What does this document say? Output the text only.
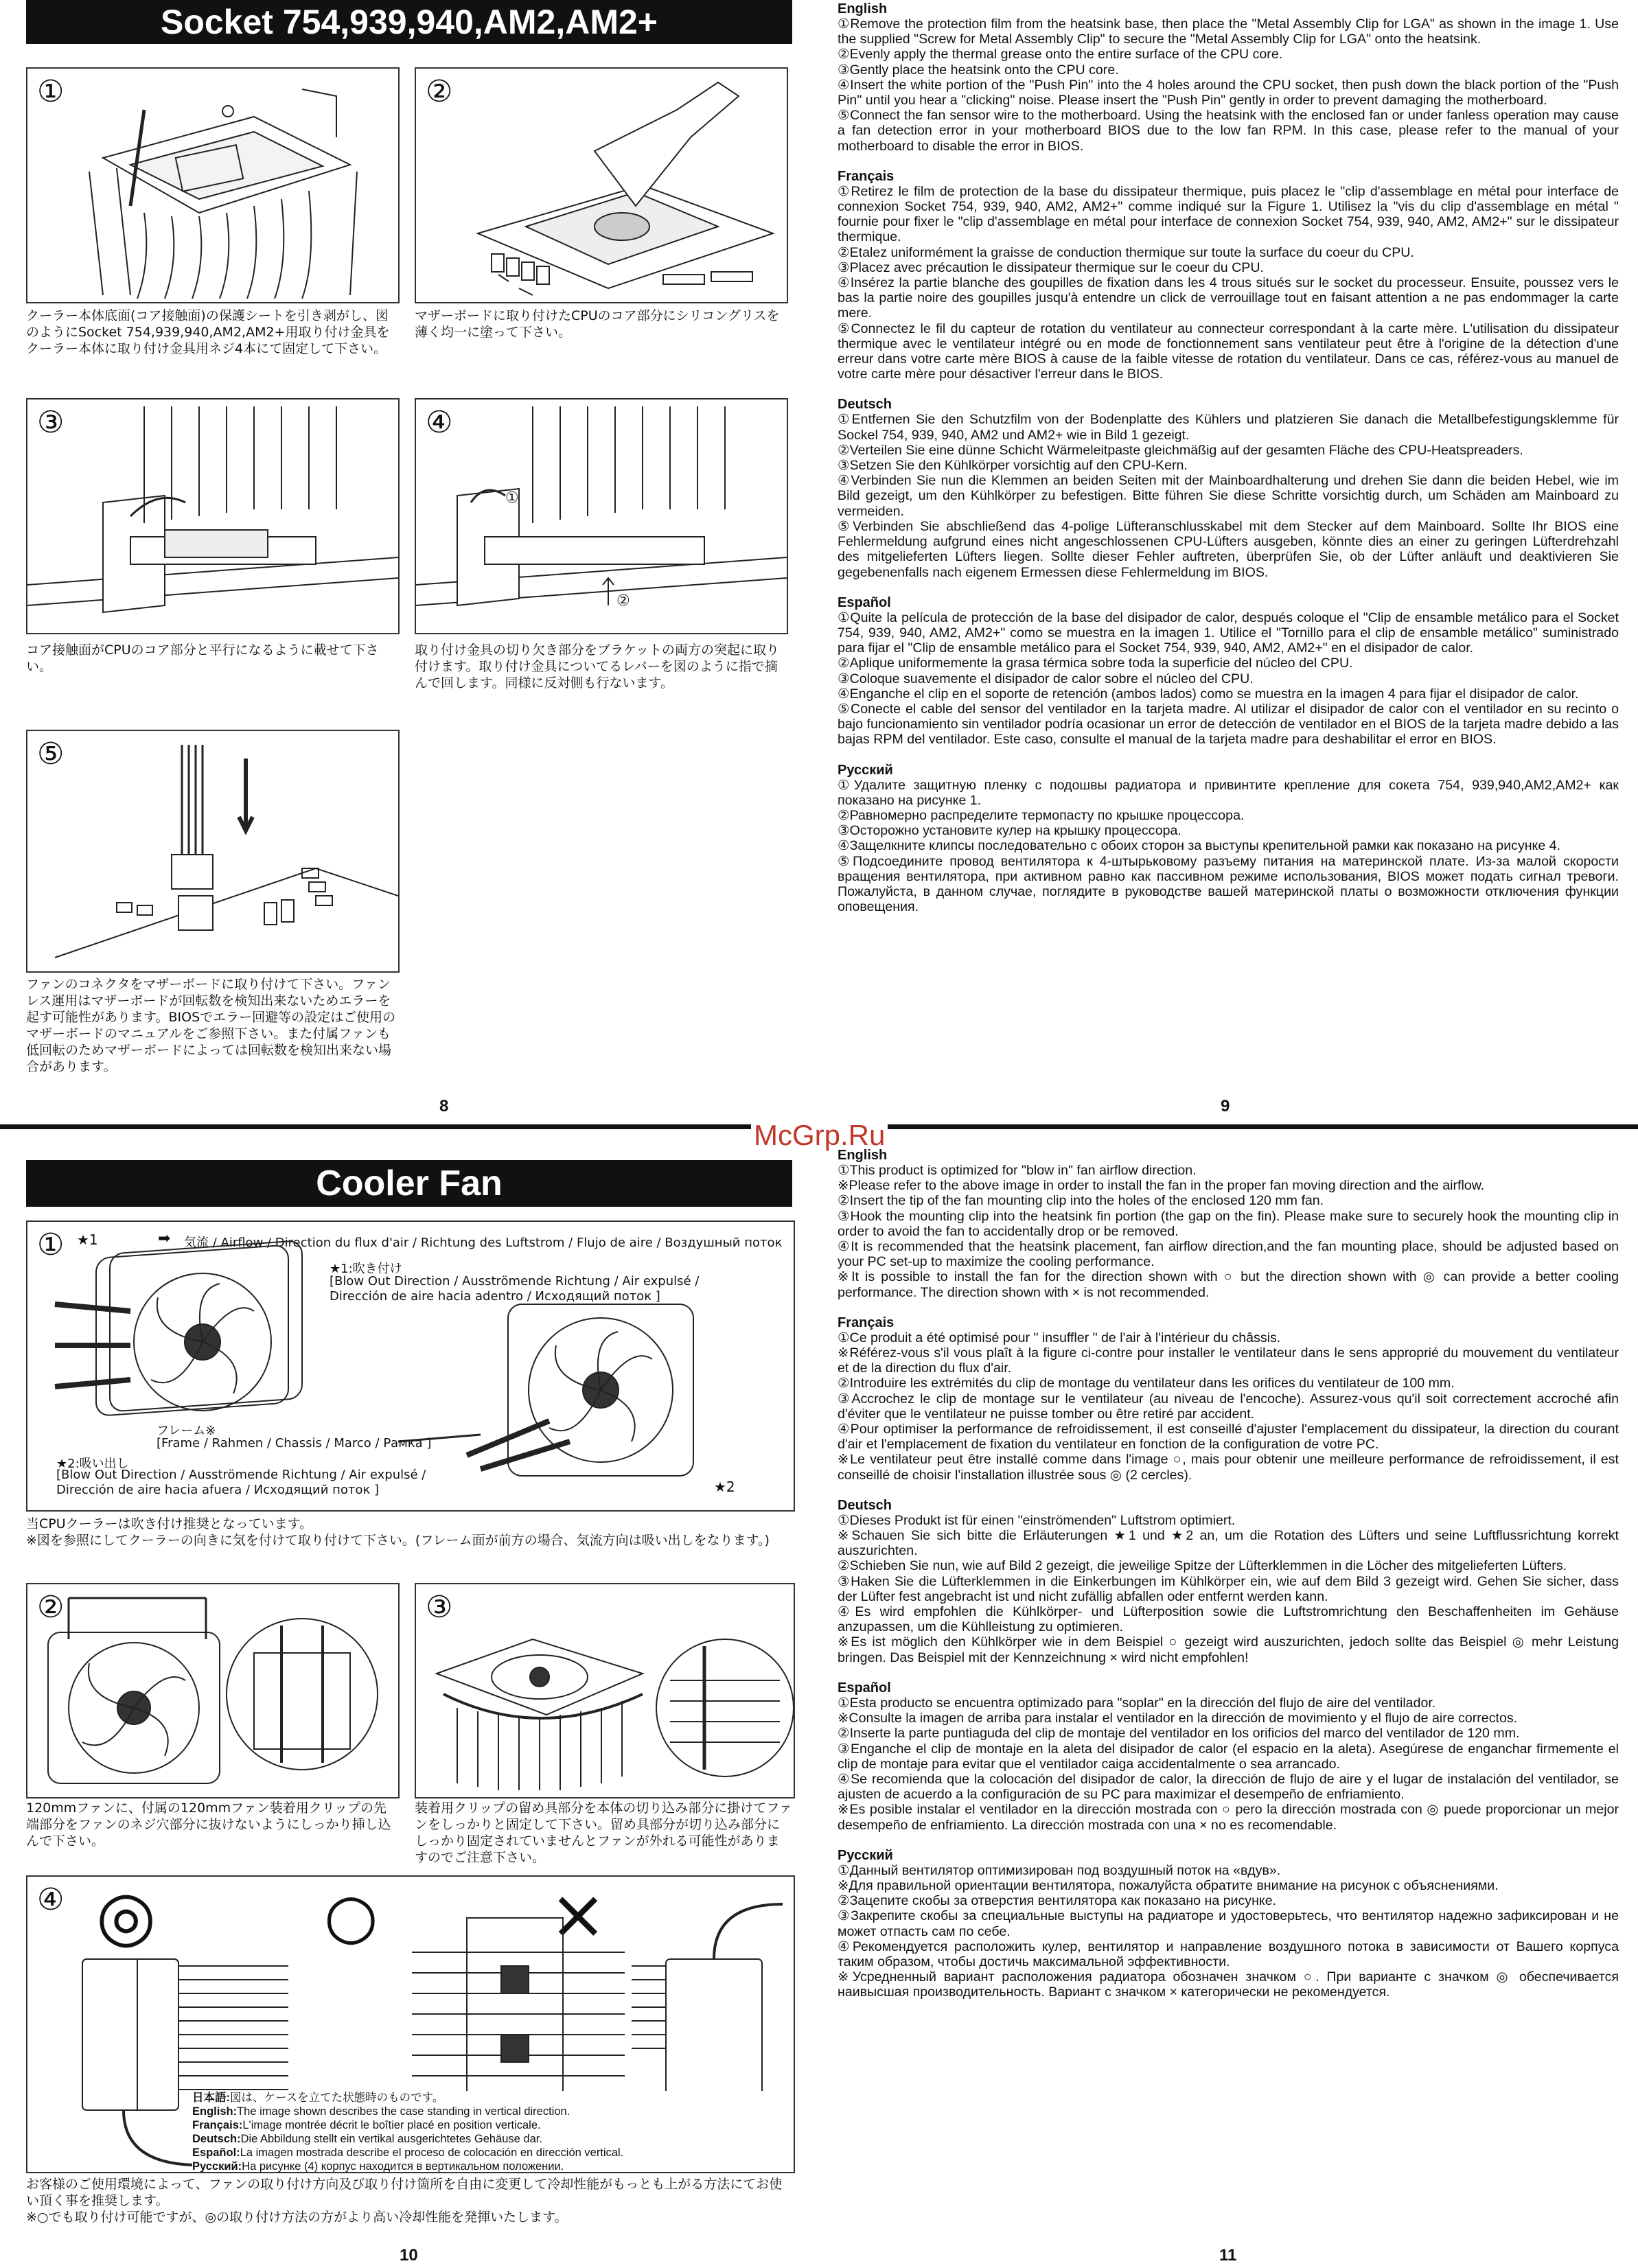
Socket 754,939,940,AM2,AM2+
①
クーラー本体底面(コア接触面)の保護シートを引き剥がし、図のようにSocket 754,939,940,AM2,AM2+用取り付け金具をクーラー本体に取り付け金具用ネジ4本にて固定して下さい。
②
マザーボードに取り付けたCPUのコア部分にシリコングリスを薄く均一に塗って下さい。
③
コア接触面がCPUのコア部分と平行になるように載せて下さい。
④
②
①
取り付け金具の切り欠き部分をブラケットの両方の突起に取り付けます。取り付け金具についてるレバーを図のように指で摘んで回します。同様に反対側も行ないます。
⑤
ファンのコネクタをマザーボードに取り付けて下さい。ファンレス運用はマザーボードが回転数を検知出来ないためエラーを起す可能性があります。BIOSでエラー回避等の設定はご使用のマザーボードのマニュアルをご参照下さい。また付属ファンも低回転のためマザーボードによっては回転数を検知出来ない場合があります。
8
English

①Remove the protection film from the heatsink base, then place the "Metal Assembly Clip for LGA" as shown in the image 1. Use the supplied "Screw for Metal Assembly Clip" to secure the "Metal Assembly Clip for LGA" onto the heatsink.

②Evenly apply the thermal grease onto the entire surface of the CPU core.

③Gently place the heatsink onto the CPU core.

④Insert the white portion of the "Push Pin" into the 4 holes around the CPU socket, then push down the black portion of the "Push Pin" until you hear a "clicking" noise. Please insert the "Push Pin" gently in order to prevent damaging the motherboard.

⑤Connect the fan sensor wire to the motherboard. Using the heatsink with the enclosed fan or under fanless operation may cause a fan detection error in your motherboard BIOS due to the low fan RPM. In this case, please refer to the manual of your motherboard to disable the error in BIOS.

Français

①Retirez le film de protection de la base du dissipateur thermique, puis placez le "clip d'assemblage en métal pour interface de connexion Socket 754, 939, 940, AM2, AM2+" comme indiqué sur la Figure 1. Utilisez la "vis du clip d'assemblage en métal " fournie pour fixer le "clip d'assemblage en métal pour interface de connexion Socket 754, 939, 940, AM2, AM2+" sur le dissipateur thermique.

②Etalez uniformément la graisse de conduction thermique sur toute la surface du coeur du CPU.

③Placez avec précaution le dissipateur thermique sur le coeur du CPU.

④Insérez la partie blanche des goupilles de fixation dans les 4 trous situés sur le socket du processeur. Ensuite, poussez vers le bas la partie noire des goupilles jusqu'à entendre un click de verrouillage tout en faisant attention a ne pas endommager la carte mere.

⑤Connectez le fil du capteur de rotation du ventilateur au connecteur correspondant à la carte mère. L'utilisation du dissipateur thermique avec le ventilateur intégré ou en mode de fonctionnement sans ventilateur peut être à l'origine de la détection d'une erreur dans votre carte mère BIOS à cause de la faible vitesse de rotation du ventilateur. Dans ce cas, référez-vous au manuel de votre carte mère pour désactiver l'erreur dans le BIOS.

Deutsch

①Entfernen Sie den Schutzfilm von der Bodenplatte des Kühlers und platzieren Sie danach die Metallbefestigungsklemme für Sockel 754, 939, 940, AM2 und AM2+ wie in Bild 1 gezeigt.

②Verteilen Sie eine dünne Schicht Wärmeleitpaste gleichmäßig auf der gesamten Fläche des CPU-Heatspreaders.

③Setzen Sie den Kühlkörper vorsichtig auf den CPU-Kern.

④Verbinden Sie nun die Klemmen an beiden Seiten mit der Mainboardhalterung und drehen Sie dann die beiden Hebel, wie im Bild gezeigt, um den Kühlkörper zu befestigen. Bitte führen Sie diese Schritte vorsichtig durch, um Schäden am Mainboard zu vermeiden.

⑤Verbinden Sie abschließend das 4-polige Lüfteranschlusskabel mit dem Stecker auf dem Mainboard. Sollte Ihr BIOS eine Fehlermeldung aufgrund eines nicht angeschlossenen CPU-Lüfters ausgeben, könnte dies an einer zu geringen Lüfterdrehzahl des mitgelieferten Lüfters liegen. Sollte dieser Fehler auftreten, überprüfen Sie, ob der Lüfter anläuft und deaktivieren Sie gegebenenfalls nach eigenem Ermessen diese Fehlermeldung im BIOS.

Español

①Quite la película de protección de la base del disipador de calor, después coloque el "Clip de ensamble metálico para el Socket 754, 939, 940, AM2, AM2+" como se muestra en la imagen 1. Utilice el "Tornillo para el clip de ensamble metálico" suministrado para fijar el "Clip de ensamble metálico para el Socket 754, 939, 940, AM2, AM2+" en el disipador de calor.

②Aplique uniformemente la grasa térmica sobre toda la superficie del núcleo del CPU.

③Coloque suavemente el disipador de calor sobre el núcleo del CPU.

④Enganche el clip en el soporte de retención (ambos lados) como se muestra en la imagen 4 para fijar el disipador de calor.

⑤Conecte el cable del sensor del ventilador en la tarjeta madre. Al utilizar el disipador de calor con el ventilador en su recinto o bajo funcionamiento sin ventilador podría ocasionar un error de detección de ventilador en el BIOS de la tarjeta madre debido a las bajas RPM del ventilador. Este caso, consulte el manual de la tarjeta madre para deshabilitar el error en BIOS.

Русский

①Удалите защитную пленку с подошвы радиатора и привинтите крепление для сокета 754, 939,940,AM2,AM2+ как показано на рисунке 1.

②Равномерно распределите термопасту по крышке процессора.

③Осторожно установите кулер на крышку процессора.

④Защелкните клипсы последовательно с обоих сторон за выступы крепительной рамки как показано на рисунке 4.

⑤Подсоедините провод вентилятора к 4-штырьковому разъему питания на материнской плате. Из-за малой скорости вращения вентилятора, при активном равно как пассивном режиме использования, BIOS может подать сигнал тревоги. Пожалуйста, в данном случае, поглядите в руководстве вашей материнской платы о возможности отключения функции оповещения.

9
McGrp.Ru
Cooler Fan
① ★1	➡ 気流 / Airflow / Direction du flux d'air / Richtung des Luftstrom / Flujo de aire / Воздушный поток
★1:吹き付け
[Blow Out Direction / Ausströmende Richtung / Air expulsé / Dirección de aire hacia adentro / Исходящий поток ]
フレーム※
[Frame / Rahmen / Chassis / Marco / Рамка ]
★2:吸い出し
[Blow Out Direction / Ausströmende Richtung / Air expulsé / Dirección de aire hacia afuera / Исходящий поток ]	★2
当CPUクーラーは吹き付け推奨となっています。
※図を参照にしてクーラーの向きに気を付けて取り付けて下さい。(フレーム面が前方の場合、気流方向は吸い出しをなります。)
②
120mmファンに、付属の120mmファン装着用クリップの先端部分をファンのネジ穴部分に抜けないようにしっかり挿し込んで下さい。
③
装着用クリップの留め具部分を本体の切り込み部分に掛けてファンをしっかりと固定して下さい。留め具部分が切り込み部分にしっかり固定されていませんとファンが外れる可能性がありますのでご注意下さい。
④ ◎	○ ×
日本語:図は、ケースを立てた状態時のものです。
English:The image shown describes the case standing in vertical direction.
Français:L'image montrée décrit le boîtier placé en position verticale.
Deutsch:Die Abbildung stellt ein vertikal ausgerichtetes Gehäuse dar.
Español:La imagen mostrada describe el proceso de colocación en dirección vertical.
Русский:На рисунке (4) корпус находится в вертикальном положении.
お客様のご使用環境によって、ファンの取り付け方向及び取り付け箇所を自由に変更して冷却性能がもっとも上がる方法にてお使い頂く事を推奨します。
※○でも取り付け可能ですが、◎の取り付け方法の方がより高い冷却性能を発揮いたします。
10
English

①This product is optimized for "blow in" fan airflow direction.

※Please refer to the above image in order to install the fan in the proper fan moving direction and the airflow.

②Insert the tip of the fan mounting clip into the holes of the enclosed 120 mm fan.

③Hook the mounting clip into the heatsink fin portion (the gap on the fin). Please make sure to securely hook the mounting clip in order to avoid the fan to accidentally drop or be removed.

④It is recommended that the heatsink placement, fan airflow direction,and the fan mounting place, should be adjusted based on your PC set-up to maximize the cooling performance.

※It is possible to install the fan for the direction shown with ○ but the direction shown with ◎ can provide a better cooling performance. The direction shown with × is not recommended.

Français

①Ce produit a été optimisé pour " insuffler " de l'air à l'intérieur du châssis.

※Référez-vous s'il vous plaît à la figure ci-contre pour installer le ventilateur dans le sens approprié du mouvement du ventilateur et de la direction du flux d'air.

②Introduire les extrémités du clip de montage du ventilateur dans les orifices du ventilateur de 100 mm.

③Accrochez le clip de montage sur le ventilateur (au niveau de l'encoche). Assurez-vous qu'il soit correctement accroché afin d'éviter que le ventilateur ne puisse tomber ou être retiré par accident.

④Pour optimiser la performance de refroidissement, il est conseillé d'ajuster l'emplacement du dissipateur, la direction du courant d'air et l'emplacement de fixation du ventilateur en fonction de la configuration de votre PC.

※Le ventilateur peut être installé comme dans l'image ○, mais pour obtenir une meilleure performance de refroidissement, il est conseillé de choisir l'installation illustrée sous ◎ (2 cercles).

Deutsch

①Dieses Produkt ist für einen "einströmenden" Luftstrom optimiert.

※Schauen Sie sich bitte die Erläuterungen ★1 und ★2 an, um die Rotation des Lüfters und seine Luftflussrichtung korrekt auszurichten.

②Schieben Sie nun, wie auf Bild 2 gezeigt, die jeweilige Spitze der Lüfterklemmen in die Löcher des mitgelieferten Lüfters.

③Haken Sie die Lüfterklemmen in die Einkerbungen im Kühlkörper ein, wie auf dem Bild 3 gezeigt wird. Gehen Sie sicher, dass der Lüfter fest angebracht ist und nicht zufällig abfallen oder entfernt werden kann.

④Es wird empfohlen die Kühlkörper- und Lüfterposition sowie die Luftstromrichtung den Beschaffenheiten im Gehäuse anzupassen, um die Kühlleistung zu optimieren.

※Es ist möglich den Kühlkörper wie in dem Beispiel ○ gezeigt wird auszurichten, jedoch sollte das Beispiel ◎ mehr Leistung bringen. Das Beispiel mit der Kennzeichnung × wird nicht empfohlen!

Español

①Esta producto se encuentra optimizado para "soplar" en la dirección del flujo de aire del ventilador.

※Consulte la imagen de arriba para instalar el ventilador en la dirección de movimiento y el flujo de aire correctos.

②Inserte la parte puntiaguda del clip de montaje del ventilador en los orificios del marco del ventilador de 120 mm.

③Enganche el clip de montaje en la aleta del disipador de calor (el espacio en la aleta). Asegúrese de enganchar firmemente el clip de montaje para evitar que el ventilador caiga accidentalmente o sea arrancado.

④Se recomienda que la colocación del disipador de calor, la dirección de flujo de aire y el lugar de instalación del ventilador, se ajusten de acuerdo a la configuración de su PC para maximizar el desempeño de enfriamiento.

※Es posible instalar el ventilador en la dirección mostrada con ○ pero la dirección mostrada con ◎ puede proporcionar un mejor desempeño de enfriamiento. La dirección mostrada con una × no es recomendable.

Русский

①Данный вентилятор оптимизирован под воздушный поток на «вдув».

※Для правильной ориентации вентилятора, пожалуйста обратите внимание на рисунок с объяснениями.

②Зацепите скобы за отверстия вентилятора как показано на рисунке.

③Закрепите скобы за специальные выступы на радиаторе и удостоверьтесь, что вентилятор надежно зафиксирован и не может отпасть сам по себе.

④Рекомендуется расположить кулер, вентилятор и направление воздушного потока в зависимости от Вашего корпуса таким образом, чтобы достичь максимальной эффективности.

※Усредненный вариант расположения радиатора обозначен значком ○. При варианте с значком ◎ обеспечивается наивысшая производительность. Вариант с значком × категорически не рекомендуется.

11
